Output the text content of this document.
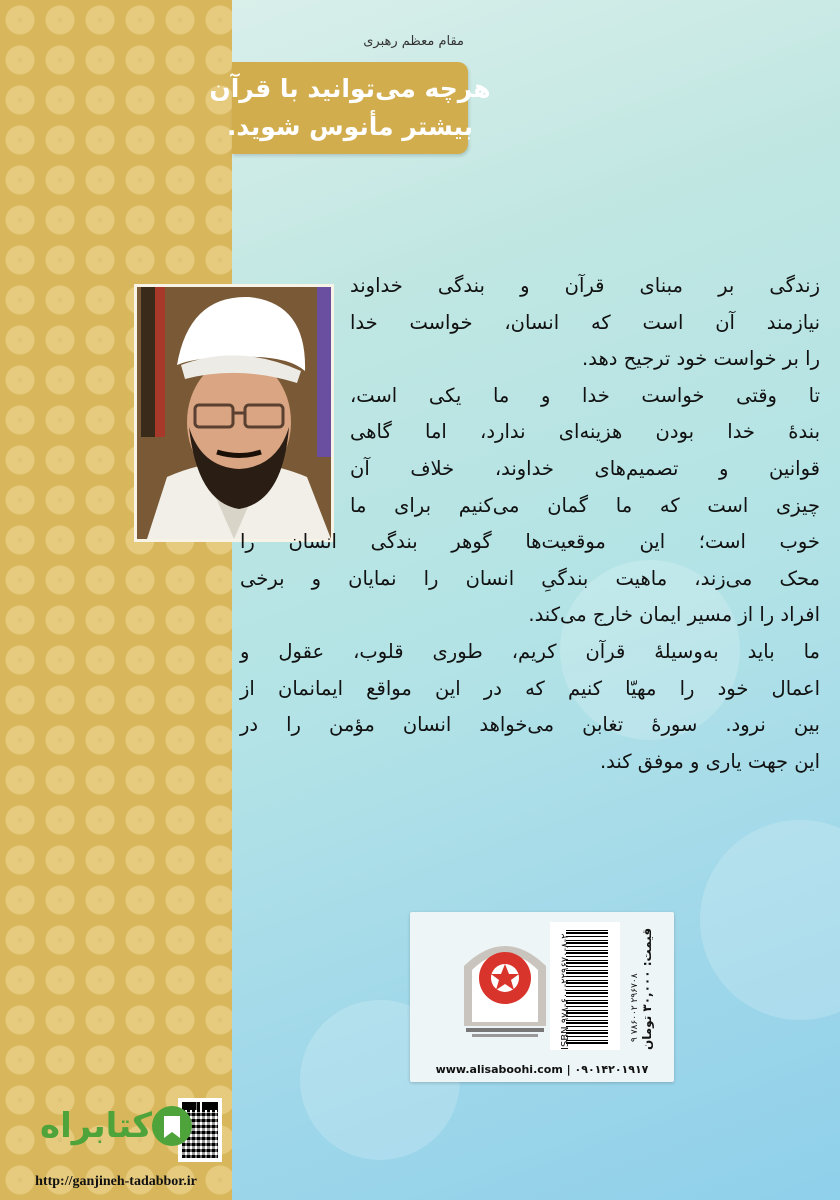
مقام معظم رهبری
هرچه می‌توانید با قرآن
بیشتر مأنوس شوید.
زندگی بر مبنای قرآن و بندگی خداوند
نیازمند آن است که انسان، خواست خدا
را بر خواست خود ترجیح دهد.
تا وقتی خواست خدا و ما یکی است،
بندهٔ خدا بودن هزینه‌ای ندارد، اما گاهی
قوانین و تصمیم‌های خداوند، خلاف آن
چیزی است که ما گمان می‌کنیم برای ما
خوب است؛ این موقعیت‌ها گوهر بندگی انسان را
محک می‌زند، ماهیت بندگیِ انسان را نمایان و برخی
افراد را از مسیر ایمان خارج می‌کند.
ما باید به‌وسیلهٔ قرآن کریم، طوری قلوب، عقول و
اعمال خود را مهیّا کنیم که در این مواقع ایمانمان از
بین نرود. سورهٔ تغابن می‌خواهد انسان مؤمن را در
این جهت یاری و موفق کند.
ISBN ۹۷۸-۶۰۰-۲۲۹۶۷۰-۸-۲	۹ ۷۸۶۰۰۲ ۲۹۶۷۰۸ قیمت: ۳۰,۰۰۰ تومان
www.alisaboohi.com | ۰۹۰۱۴۲۰۱۹۱۷
کتابراه
http://ganjineh-tadabbor.ir
